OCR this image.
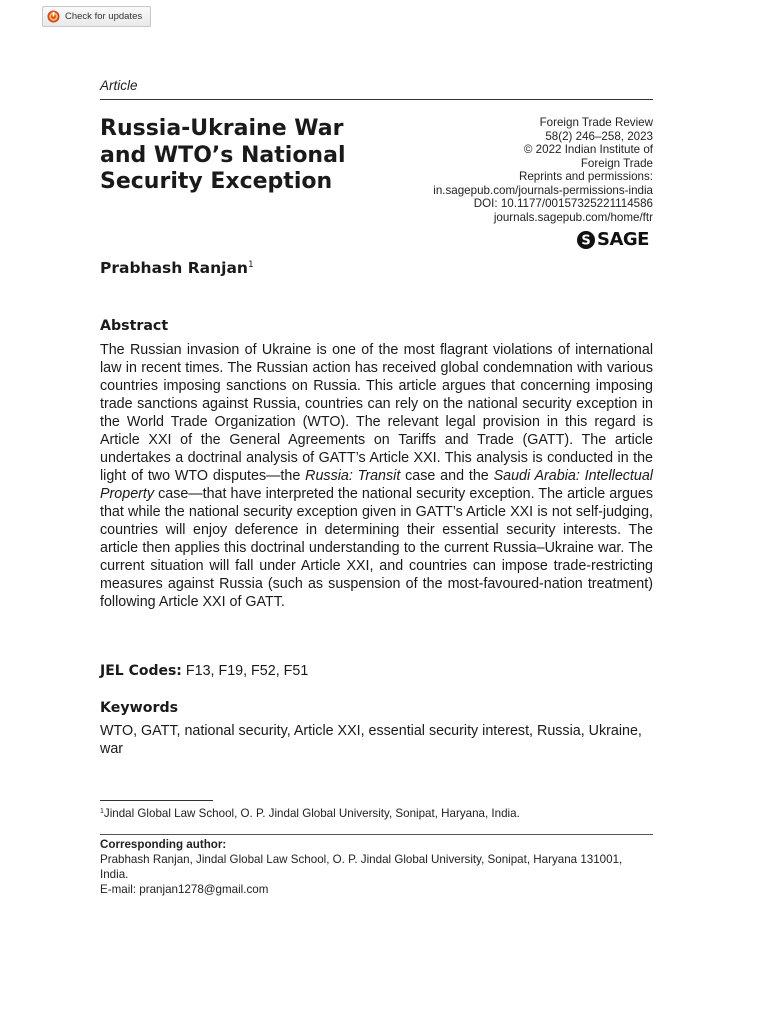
Check for updates
Article
Russia-Ukraine War
and WTO’s National
Security Exception
Foreign Trade Review
58(2) 246–258, 2023
© 2022 Indian Institute of
Foreign Trade
Reprints and permissions:
in.sagepub.com/journals-permissions-india
DOI: 10.1177/00157325221114586
journals.sagepub.com/home/ftr
S SAGE
Prabhash Ranjan$^1$
Abstract

The Russian invasion of Ukraine is one of the most flagrant violations of international law in recent times. The Russian action has received global condemnation with various countries imposing sanctions on Russia. This article argues that concerning imposing trade sanctions against Russia, countries can rely on the national security exception in the World Trade Organization (WTO). The relevant legal provision in this regard is Article XXI of the General Agreements on Tariffs and Trade (GATT). The article undertakes a doctrinal analysis of GATT’s Article XXI. This analysis is conducted in the light of two WTO disputes—the Russia: Transit case and the Saudi Arabia: Intellectual Property case—that have interpreted the national security exception. The article argues that while the national security exception given in GATT’s Article XXI is not self-judging, countries will enjoy deference in determining their essential security interests. The article then applies this doctrinal understanding to the current Russia–Ukraine war. The current situation will fall under Article XXI, and countries can impose trade-restricting measures against Russia (such as suspension of the most-favoured-nation treatment) following Article XXI of GATT.

JEL Codes: F13, F19, F52, F51
Keywords

WTO, GATT, national security, Article XXI, essential security interest, Russia, Ukraine, war

$^1$Jindal Global Law School, O. P. Jindal Global University, Sonipat, Haryana, India.
Corresponding author:
Prabhash Ranjan, Jindal Global Law School, O. P. Jindal Global University, Sonipat, Haryana 131001, India.
E-mail: pranjan1278@gmail.com
